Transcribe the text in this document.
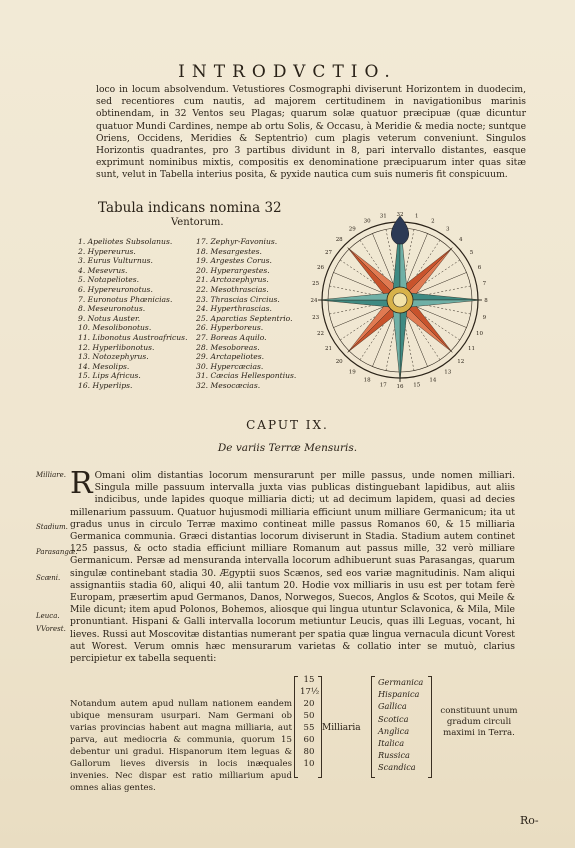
INTRODVCTIO.
loco in locum absolvendum. Vetustiores Cosmographi diviserunt Horizontem in duodecim, sed recentiores cum nautis, ad majorem certitudinem in navigationibus marinis obtinendam, in 32 Ventos seu Plagas; quarum solæ quatuor præcipuæ (quæ dicuntur quatuor Mundi Cardines, nempe ab ortu Solis, & Occasu, à Meridie & media nocte; suntque Oriens, Occidens, Meridies & Septentrio) cum plagis veterum conveniunt. Singulos Horizontis quadrantes, pro 3 partibus dividunt in 8, pari intervallo distantes, easque exprimunt nominibus mixtis, compositis ex denominatione præcipuarum inter quas sitæ sunt, velut in Tabella interius posita, & pyxide nautica cum suis numeris fit conspicuum.
Tabula indicans nomina 32
Ventorum.
1. Apeliotes Subsolanus.
2. Hypereurus.
3. Eurus Vulturnus.
4. Mesevrus.
5. Notapeliotes.
6. Hypereuronotus.
7. Euronotus Phœnicias.
8. Meseuronotus.
9. Notus Auster.
10. Mesolibonotus.
11. Libonotus Austroafricus.
12. Hyperlibonotus.
13. Notozephyrus.
14. Mesolips.
15. Lips Africus.
16. Hyperlips.
17. Zephyr-Favonius.
18. Mesargestes.
19. Argestes Corus.
20. Hyperargestes.
21. Arctozephyrus.
22. Mesothrascias.
23. Thrascias Circius.
24. Hyperthrascias.
25. Aparctias Septentrio.
26. Hyperboreus.
27. Boreas Aquilo.
28. Mesoboreas.
29. Arctapeliotes.
30. Hypercæcias.
31. Cæcias Hellespontius.
32. Mesocæcias.
32
31
30
29
28
27
26
25
24
23
22
21
20
19
18
17 16 15
14
13
12
11
10
9
8
7
6
5
4
3
2
1
CAPUT IX.
De variis Terræ Mensuris.
Milliare.
Stadium.
Parasangæ.
Scæni.
Leuca.
VVorest.
R Omani olim distantias locorum mensurarunt per mille passus, unde nomen milliari. Singula mille passuum intervalla juxta vias publicas distinguebant lapidibus, aut aliis indicibus, unde lapides quoque milliaria dicti; ut ad decimum lapidem, quasi ad decies millenarium passuum. Quatuor hujusmodi milliaria efficiunt unum milliare Germanicum; ita ut gradus unus in circulo Terræ maximo contineat mille passus Romanos 60, & 15 milliaria Germanica communia. Græci distantias locorum diviserunt in Stadia. Stadium autem continet 125 passus, & octo stadia efficiunt milliare Romanum aut passus mille, 32 verò milliare Germanicum. Persæ ad mensuranda intervalla locorum adhibuerunt suas Parasangas, quarum singulæ continebant stadia 30. Ægyptii suos Scænos, sed eos variæ magnitudinis. Nam aliqui assignantiis stadia 60, aliqui 40, alii tantum 20. Hodie vox milliaris in usu est per totam ferè Europam, præsertim apud Germanos, Danos, Norwegos, Suecos, Anglos & Scotos, qui Meile & Mile dicunt; item apud Polonos, Bohemos, aliosque qui lingua utuntur Sclavonica, & Mila, Mile pronuntiant. Hispani & Galli intervalla locorum metiuntur Leucis, quas illi Leguas, vocant, hi lieves. Russi aut Moscovitæ distantias numerant per spatia quæ lingua vernacula dicunt Vorest aut Worest. Verum omnis hæc mensurarum varietas & collatio inter se mutuò, clarius percipietur ex tabella sequenti:
Notandum autem apud nullam nationem eandem ubique mensuram usurpari. Nam Germani ob varias provincias habent aut magna milliaria, aut parva, aut mediocria & communia, quorum 15 debentur uni gradui. Hispanorum item leguas & Gallorum lieves diversis in locis inæquales invenies. Nec dispar est ratio milliarium apud omnes alias gentes.
15
17½
20
50
55
60
80
10
Milliaria
Germanica
Hispanica
Gallica
Scotica
Anglica
Italica
Russica
Scandica
constituunt unum gradum circuli maximi in Terra.
Ro-
